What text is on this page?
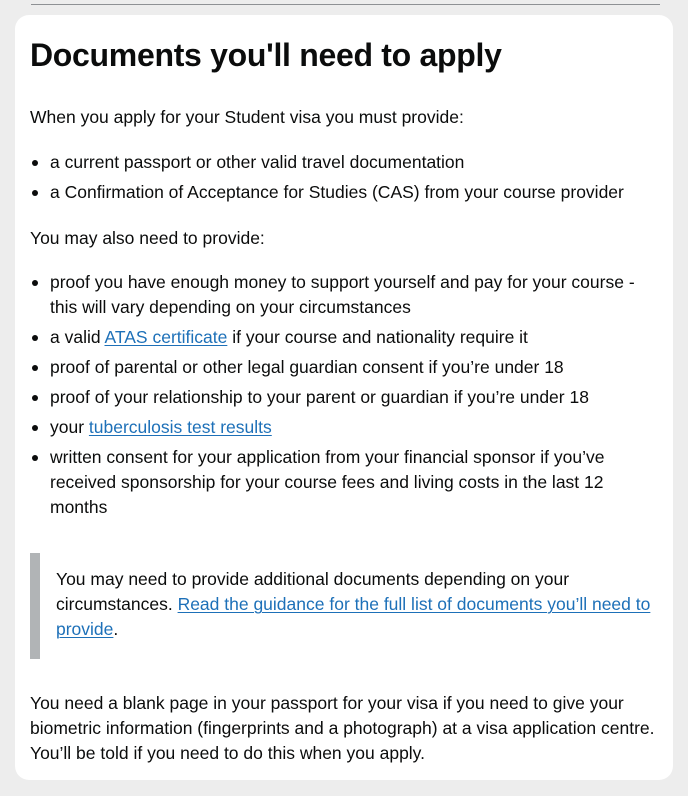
Documents you'll need to apply

When you apply for your Student visa you must provide:

a current passport or other valid travel documentation
a Confirmation of Acceptance for Studies (CAS) from your course provider

You may also need to provide:

proof you have enough money to support yourself and pay for your course - this will vary depending on your circumstances
a valid ATAS certificate if your course and nationality require it
proof of parental or other legal guardian consent if you’re under 18
proof of your relationship to your parent or guardian if you’re under 18
your tuberculosis test results
written consent for your application from your financial sponsor if you’ve received sponsorship for your course fees and living costs in the last 12 months
You may need to provide additional documents depending on your circumstances. Read the guidance for the full list of documents you’ll need to provide.

You need a blank page in your passport for your visa if you need to give your biometric information (fingerprints and a photograph) at a visa application centre. You’ll be told if you need to do this when you apply.
